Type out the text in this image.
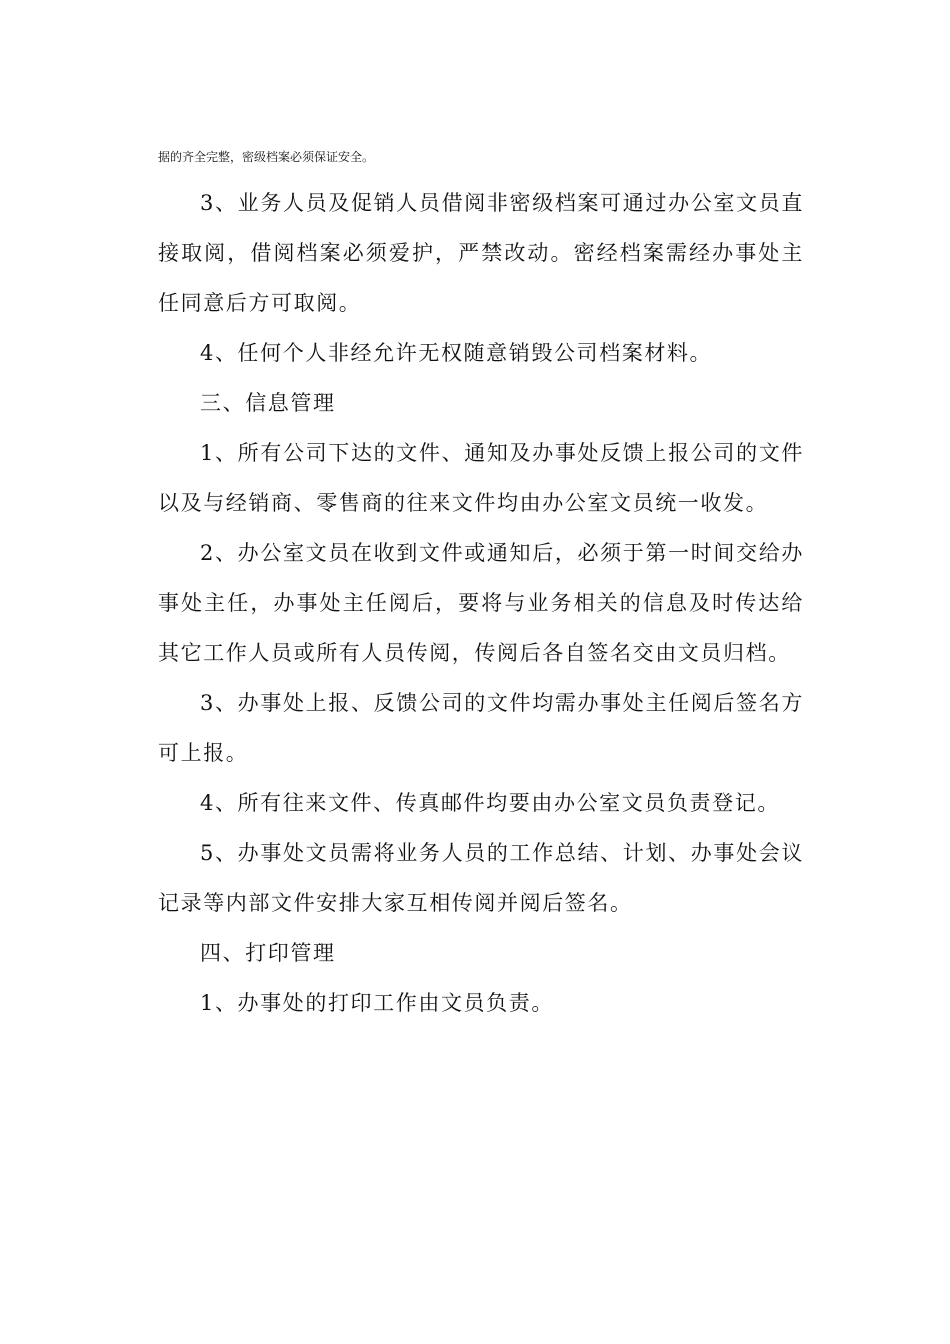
据的齐全完整，密级档案必须保证安全。

3、业务人员及促销人员借阅非密级档案可通过办公室文员直接取阅，借阅档案必须爱护，严禁改动。密经档案需经办事处主任同意后方可取阅。

4、任何个人非经允许无权随意销毁公司档案材料。

三、信息管理

1、所有公司下达的文件、通知及办事处反馈上报公司的文件以及与经销商、零售商的往来文件均由办公室文员统一收发。

2、办公室文员在收到文件或通知后，必须于第一时间交给办事处主任，办事处主任阅后，要将与业务相关的信息及时传达给其它工作人员或所有人员传阅，传阅后各自签名交由文员归档。

3、办事处上报、反馈公司的文件均需办事处主任阅后签名方可上报。

4、所有往来文件、传真邮件均要由办公室文员负责登记。

5、办事处文员需将业务人员的工作总结、计划、办事处会议记录等内部文件安排大家互相传阅并阅后签名。

四、打印管理

1、办事处的打印工作由文员负责。
